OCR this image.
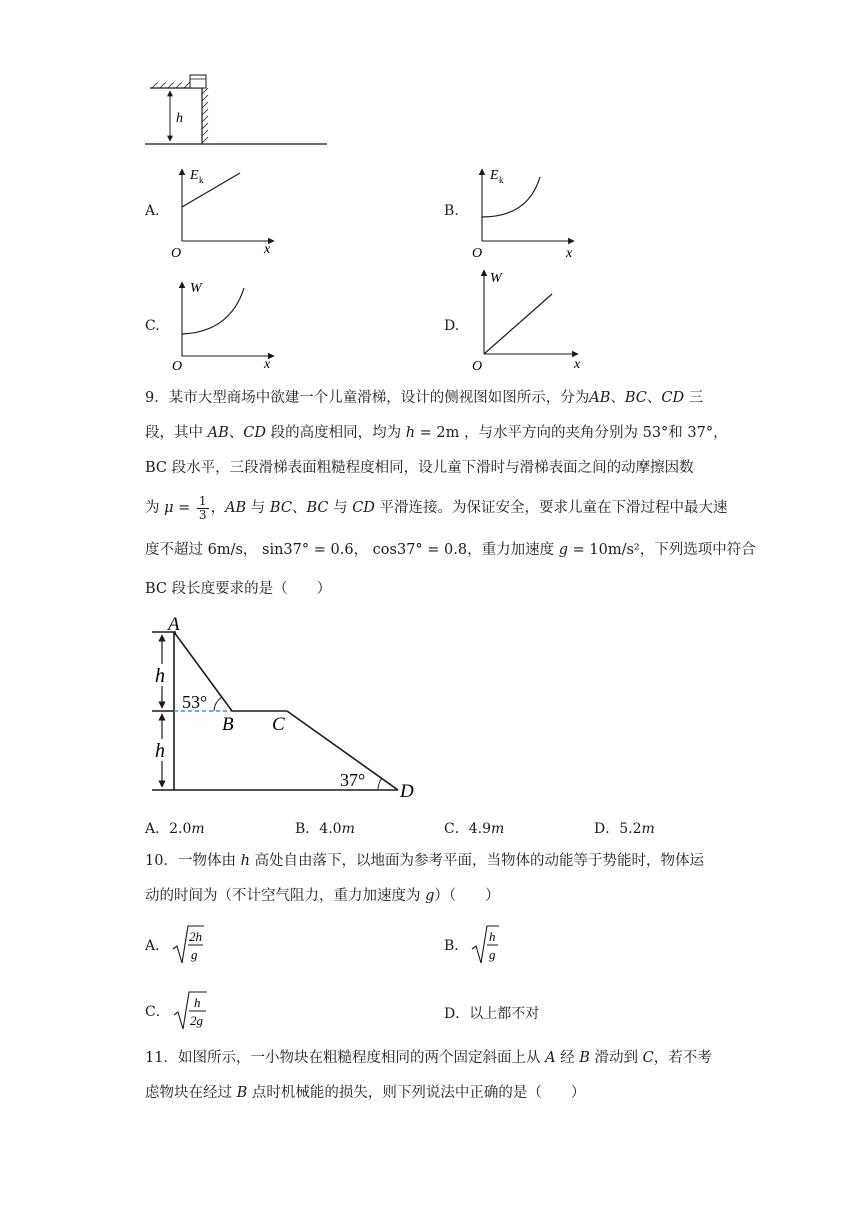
h
A.
E k
O	x
B.
E k
O	x
C.
W
O	x
D.
W
O	x
9．某市大型商场中欲建一个儿童滑梯，设计的侧视图如图所示，分为AB、BC、CD 三
段，其中 AB、CD 段的高度相同，均为 h = 2m ，与水平方向的夹角分别为 53°和 37°，
BC 段水平，三段滑梯表面粗糙程度相同，设儿童下滑时与滑梯表面之间的动摩擦因数
为 $\mu = \frac{1}{3}$ ，AB 与 BC、BC 与 CD 平滑连接。为保证安全，要求儿童在下滑过程中最大速
度不超过 6m/s， sin37° = 0.6， cos37° = 0.8，重力加速度 g = 10m/s²，下列选项中符合
BC 段长度要求的是（　　）
A
B C
D
h
h
53°
37°
A．2.0m	B．4.0m	C．4.9m	D．5.2m
10．一物体由 h 高处自由落下，以地面为参考平面，当物体的动能等于势能时，物体运
动的时间为（不计空气阻力，重力加速度为 g）（　　）
A．
2h
g
B．
h
g
C．
h
2g	D．以上都不对
11．如图所示，一小物块在粗糙程度相同的两个固定斜面上从 A 经 B 滑动到 C，若不考
虑物块在经过 B 点时机械能的损失，则下列说法中正确的是（　　）
